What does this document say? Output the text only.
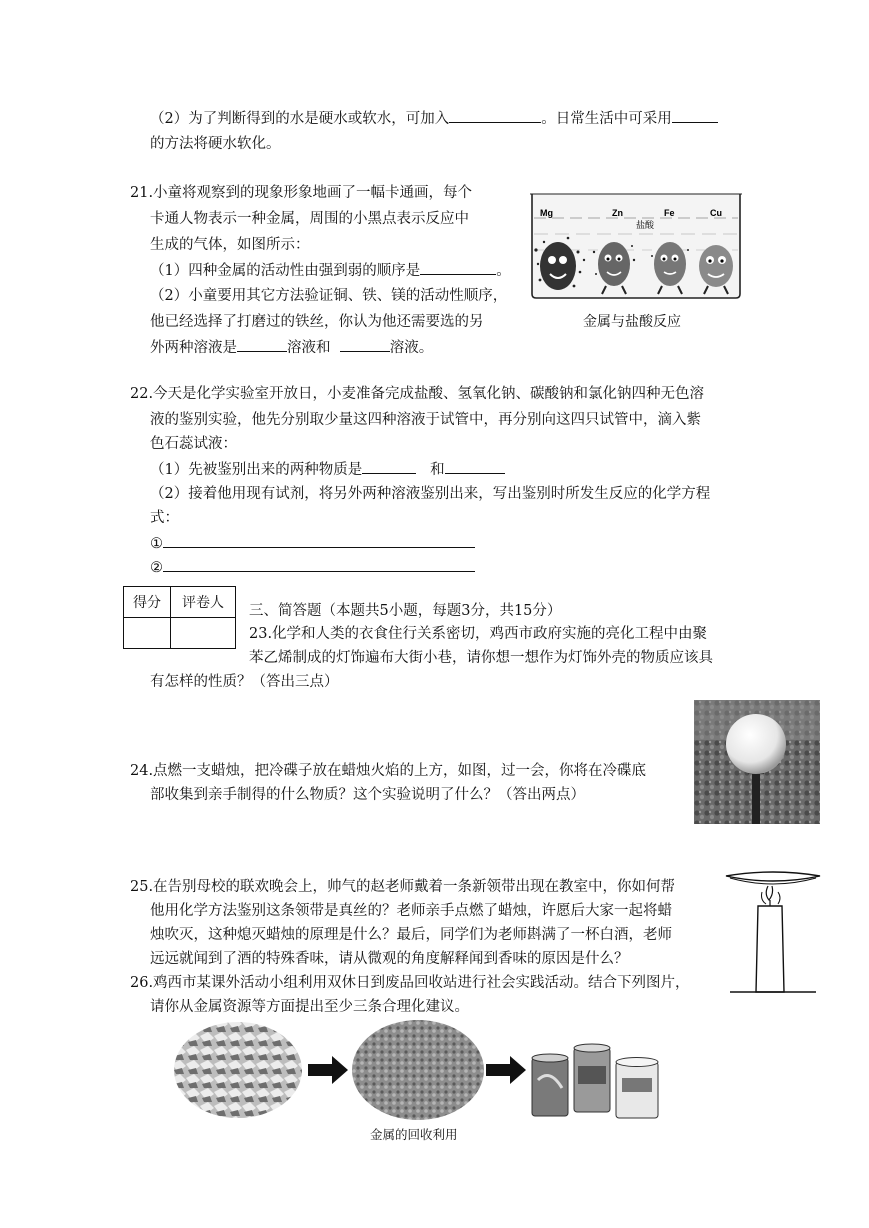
（2）为了判断得到的水是硬水或软水，可加入	。日常生活中可采用
的方法将硬水软化。
21.小童将观察到的现象形象地画了一幅卡通画，每个
卡通人物表示一种金属，周围的小黑点表示反应中
生成的气体，如图所示：
（1）四种金属的活动性由强到弱的顺序是	。
（2）小童要用其它方法验证铜、铁、镁的活动性顺序，
他已经选择了打磨过的铁丝，你认为他还需要选的另
外两种溶液是	溶液和	溶液。
Mg	Zn
盐酸
Fe	Cu
金属与盐酸反应
22.今天是化学实验室开放日，小麦准备完成盐酸、氢氧化钠、碳酸钠和氯化钠四种无色溶
液的鉴别实验，他先分别取少量这四种溶液于试管中，再分别向这四只试管中，滴入紫
色石蕊试液：
（1）先被鉴别出来的两种物质是	和
（2）接着他用现有试剂，将另外两种溶液鉴别出来，写出鉴别时所发生反应的化学方程
式：
①
②
得分	评卷人
	三、简答题（本题共5小题，每题3分，共15分）
23.化学和人类的衣食住行关系密切，鸡西市政府实施的亮化工程中由聚
苯乙烯制成的灯饰遍布大街小巷，请你想一想作为灯饰外壳的物质应该具
有怎样的性质？（答出三点）
24.点燃一支蜡烛，把冷碟子放在蜡烛火焰的上方，如图，过一会，你将在冷碟底
部收集到亲手制得的什么物质？这个实验说明了什么？（答出两点）
25.在告别母校的联欢晚会上，帅气的赵老师戴着一条新领带出现在教室中，你如何帮
他用化学方法鉴别这条领带是真丝的？老师亲手点燃了蜡烛，许愿后大家一起将蜡
烛吹灭，这种熄灭蜡烛的原理是什么？最后，同学们为老师斟满了一杯白酒，老师
远远就闻到了酒的特殊香味，请从微观的角度解释闻到香味的原因是什么？
26.鸡西市某课外活动小组利用双休日到废品回收站进行社会实践活动。结合下列图片，
请你从金属资源等方面提出至少三条合理化建议。
金属的回收利用
